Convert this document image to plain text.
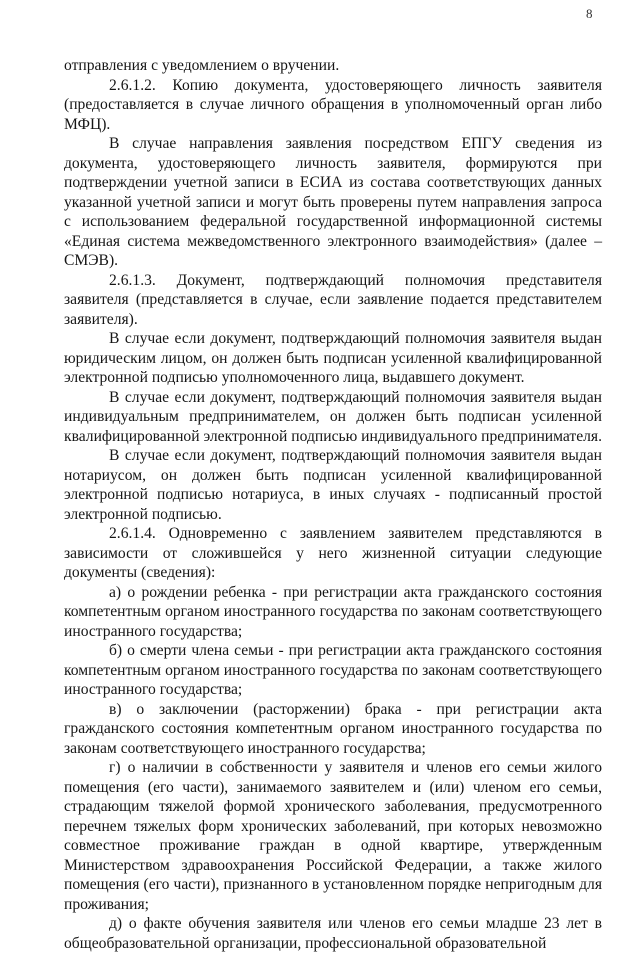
8

отправления с уведомлением о вручении.

2.6.1.2. Копию документа, удостоверяющего личность заявителя (предоставляется в случае личного обращения в уполномоченный орган либо МФЦ).

В случае направления заявления посредством ЕПГУ сведения из документа, удостоверяющего личность заявителя, формируются при подтверждении учетной записи в ЕСИА из состава соответствующих данных указанной учетной записи и могут быть проверены путем направления запроса с использованием федеральной государственной информационной системы «Единая система межведомственного электронного взаимодействия» (далее – СМЭВ).

2.6.1.3. Документ, подтверждающий полномочия представителя заявителя (представляется в случае, если заявление подается представителем заявителя).

В случае если документ, подтверждающий полномочия заявителя выдан юридическим лицом, он должен быть подписан усиленной квалифицированной электронной подписью уполномоченного лица, выдавшего документ.

В случае если документ, подтверждающий полномочия заявителя выдан индивидуальным предпринимателем, он должен быть подписан усиленной квалифицированной электронной подписью индивидуального предпринимателя.

В случае если документ, подтверждающий полномочия заявителя выдан нотариусом, он должен быть подписан усиленной квалифицированной электронной подписью нотариуса, в иных случаях - подписанный простой электронной подписью.

2.6.1.4. Одновременно с заявлением заявителем представляются в зависимости от сложившейся у него жизненной ситуации следующие документы (сведения):

а) о рождении ребенка - при регистрации акта гражданского состояния компетентным органом иностранного государства по законам соответствующего иностранного государства;

б) о смерти члена семьи - при регистрации акта гражданского состояния компетентным органом иностранного государства по законам соответствующего иностранного государства;

в) о заключении (расторжении) брака - при регистрации акта гражданского состояния компетентным органом иностранного государства по законам соответствующего иностранного государства;

г) о наличии в собственности у заявителя и членов его семьи жилого помещения (его части), занимаемого заявителем и (или) членом его семьи, страдающим тяжелой формой хронического заболевания, предусмотренного перечнем тяжелых форм хронических заболеваний, при которых невозможно совместное проживание граждан в одной квартире, утвержденным Министерством здравоохранения Российской Федерации, а также жилого помещения (его части), признанного в установленном порядке непригодным для проживания;

д) о факте обучения заявителя или членов его семьи младше 23 лет в общеобразовательной организации, профессиональной образовательной
